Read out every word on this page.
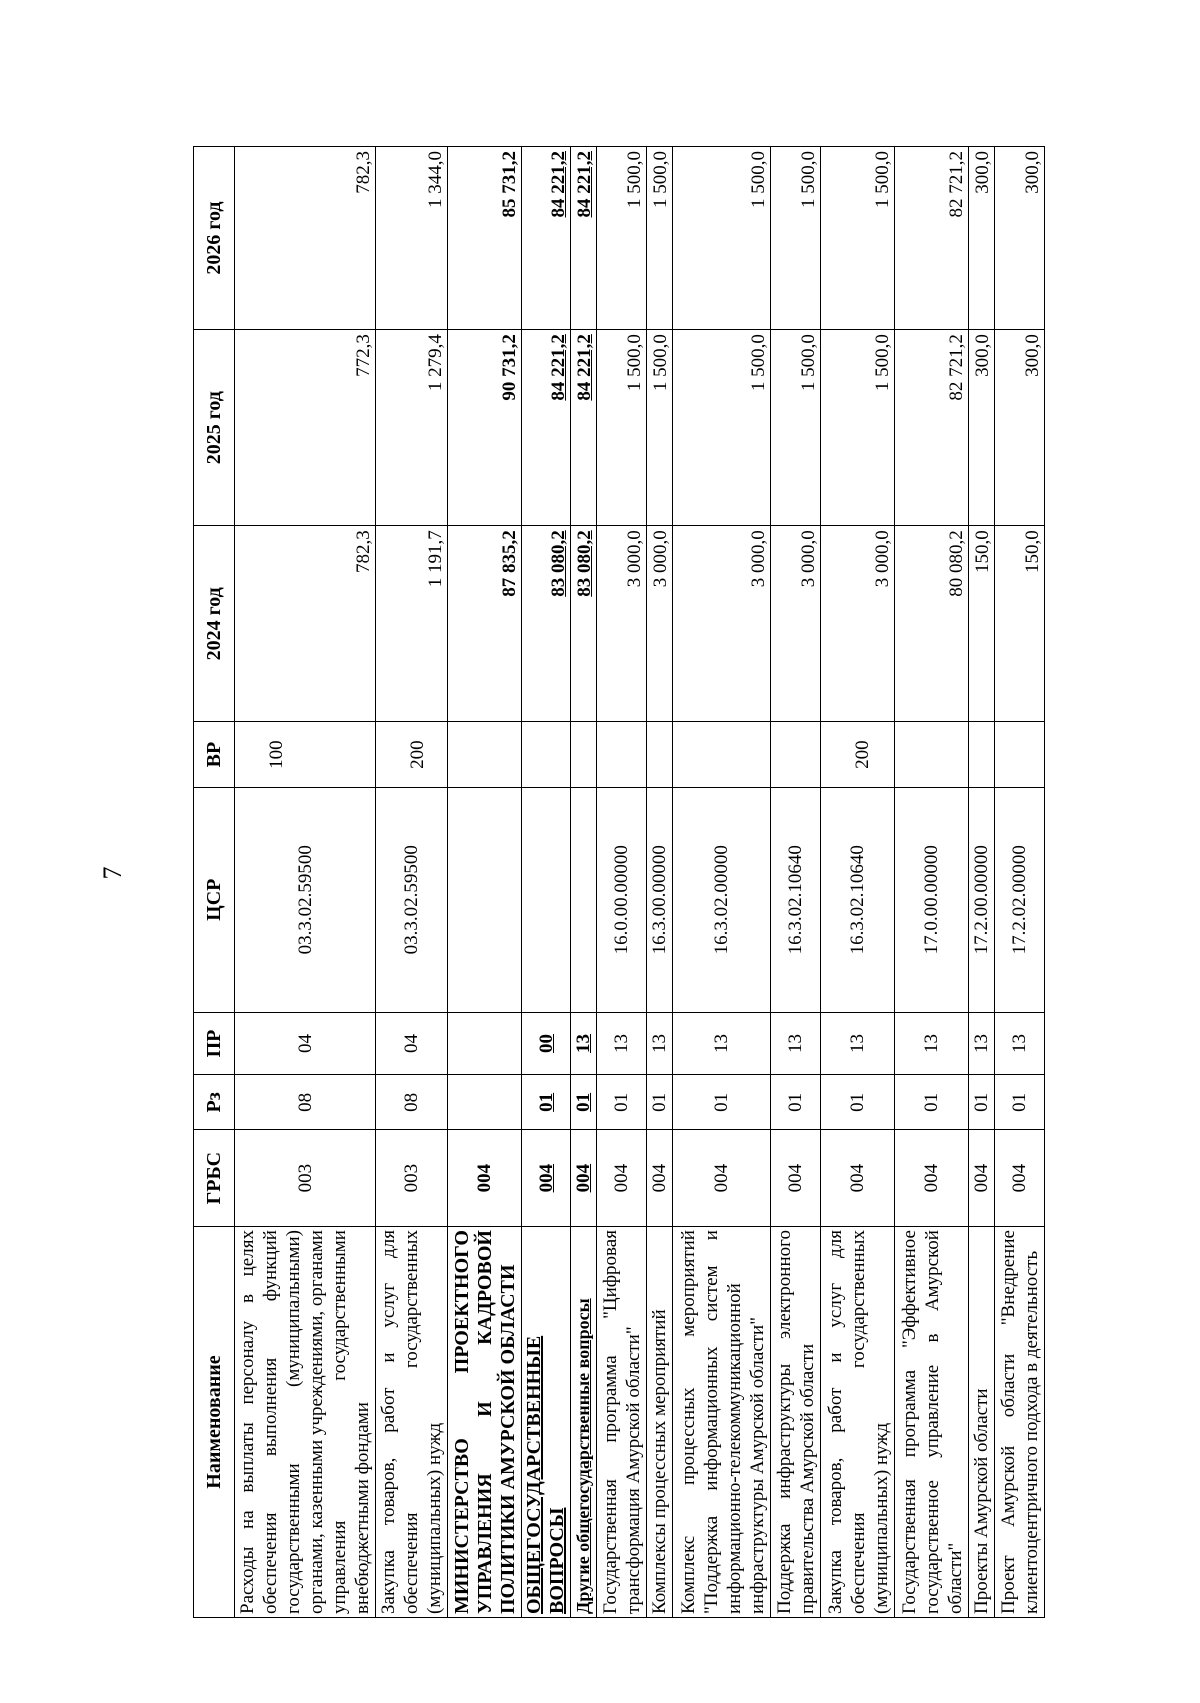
7
Наименование	ГРБС	Рз	ПР	ЦСР	ВР	2024 год	2025 год	2026 год
Расходы на выплаты персоналу в целях обеспечения выполнения функций государственными (муниципальными) органами, казенными учреждениями, органами управления государственными внебюджетными фондами	003	08	04	03.3.02.59500	100	782,3	772,3	782,3
Закупка товаров, работ и услуг для обеспечения государственных (муниципальных) нужд	003	08	04	03.3.02.59500	200	1 191,7	1 279,4	1 344,0
МИНИСТЕРСТВО ПРОЕКТНОГО УПРАВЛЕНИЯ И КАДРОВОЙ ПОЛИТИКИ АМУРСКОЙ ОБЛАСТИ	004					87 835,2	90 731,2	85 731,2
ОБЩЕГОСУДАРСТВЕННЫЕ ВОПРОСЫ	004	01	00			83 080,2	84 221,2	84 221,2
Другие общегосударственные вопросы	004	01	13			83 080,2	84 221,2	84 221,2
Государственная программа "Цифровая трансформация Амурской области"	004	01	13	16.0.00.00000		3 000,0	1 500,0	1 500,0
Комплексы процессных мероприятий	004	01	13	16.3.00.00000		3 000,0	1 500,0	1 500,0
Комплекс процессных мероприятий "Поддержка информационных систем и информационно-телекоммуникационной инфраструктуры Амурской области"	004	01	13	16.3.02.00000		3 000,0	1 500,0	1 500,0
Поддержка инфраструктуры электронного правительства Амурской области	004	01	13	16.3.02.10640		3 000,0	1 500,0	1 500,0
Закупка товаров, работ и услуг для обеспечения государственных (муниципальных) нужд	004	01	13	16.3.02.10640	200	3 000,0	1 500,0	1 500,0
Государственная программа "Эффективное государственное управление в Амурской области"	004	01	13	17.0.00.00000		80 080,2	82 721,2	82 721,2
Проекты Амурской области	004	01	13	17.2.00.00000		150,0	300,0	300,0
Проект Амурской области "Внедрение клиентоцентричного подхода в деятельность	004	01	13	17.2.02.00000		150,0	300,0	300,0
